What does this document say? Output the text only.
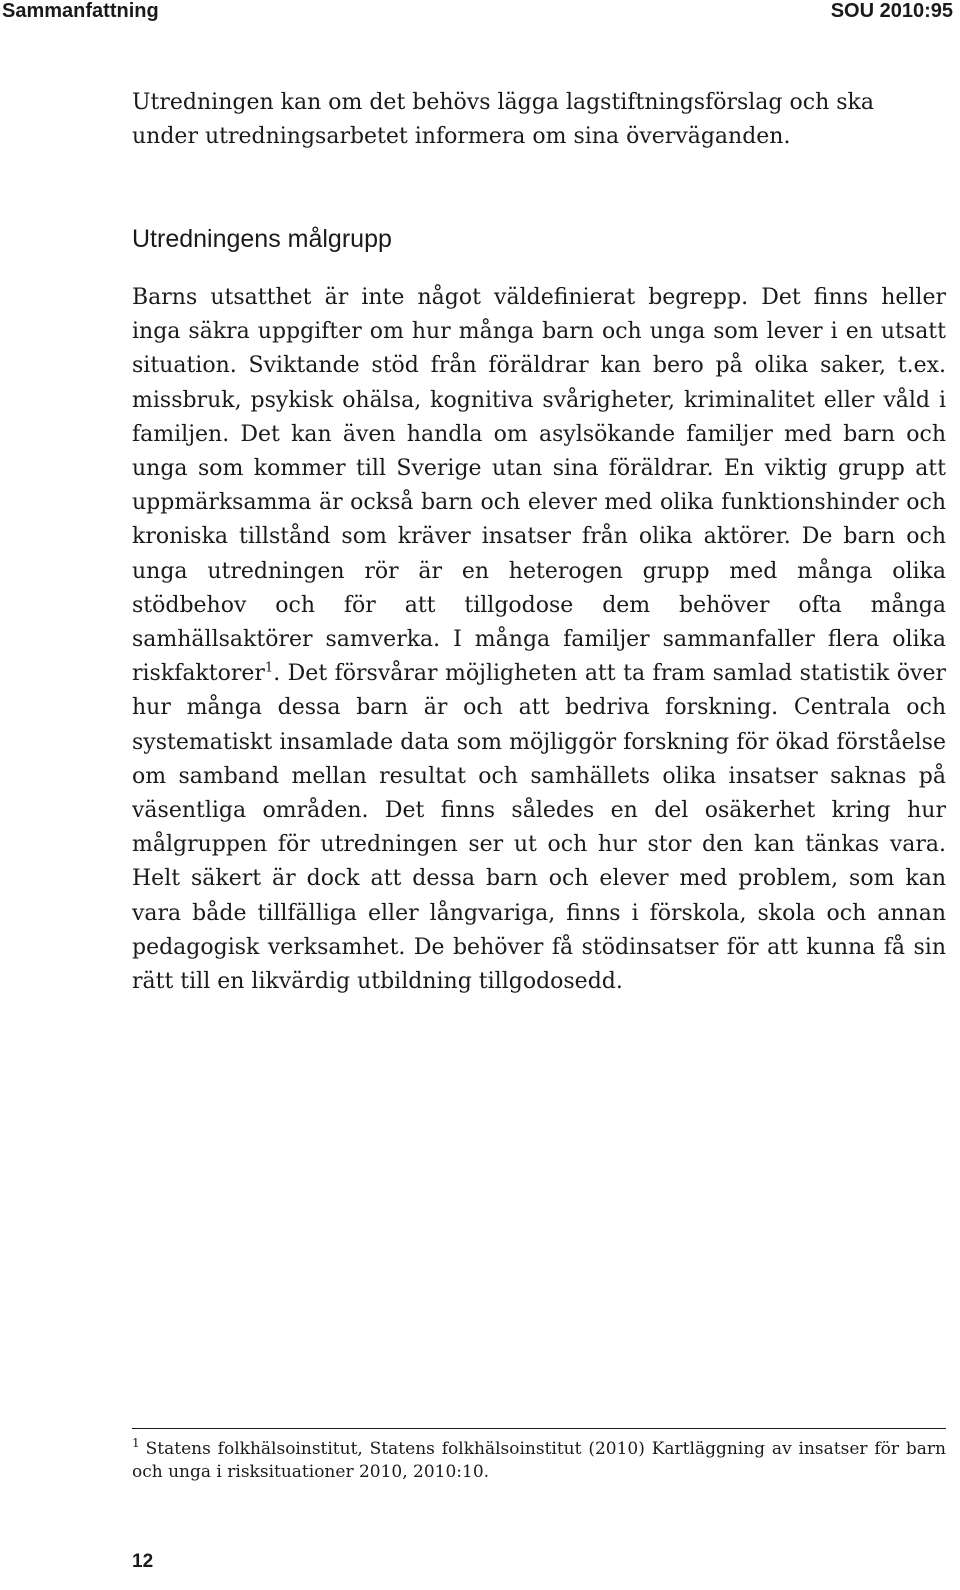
Sammanfattning	SOU 2010:95

Utredningen kan om det behövs lägga lagstiftningsförslag och ska under utredningsarbetet informera om sina överväganden.

Utredningens målgrupp

Barns utsatthet är inte något väldefinierat begrepp. Det finns heller inga säkra uppgifter om hur många barn och unga som lever i en utsatt situation. Sviktande stöd från föräldrar kan bero på olika saker, t.ex. missbruk, psykisk ohälsa, kognitiva svårigheter, kriminalitet eller våld i familjen. Det kan även handla om asylsökande familjer med barn och unga som kommer till Sverige utan sina föräldrar. En viktig grupp att uppmärksamma är också barn och elever med olika funktionshinder och kroniska tillstånd som kräver insatser från olika aktörer. De barn och unga utredningen rör är en heterogen grupp med många olika stödbehov och för att tillgodose dem behöver ofta många samhällsaktörer samverka. I många familjer sammanfaller flera olika riskfaktorer$^1$. Det försvårar möjligheten att ta fram samlad statistik över hur många dessa barn är och att bedriva forskning. Centrala och systematiskt insamlade data som möjliggör forskning för ökad förståelse om samband mellan resultat och samhällets olika insatser saknas på väsentliga områden. Det finns således en del osäkerhet kring hur målgruppen för utredningen ser ut och hur stor den kan tänkas vara. Helt säkert är dock att dessa barn och elever med problem, som kan vara både tillfälliga eller långvariga, finns i förskola, skola och annan pedagogisk verksamhet. De behöver få stödinsatser för att kunna få sin rätt till en likvärdig utbildning tillgodosedd.

$^1$ Statens folkhälsoinstitut, Statens folkhälsoinstitut (2010) Kartläggning av insatser för barn och unga i risksituationer 2010, 2010:10.

12
